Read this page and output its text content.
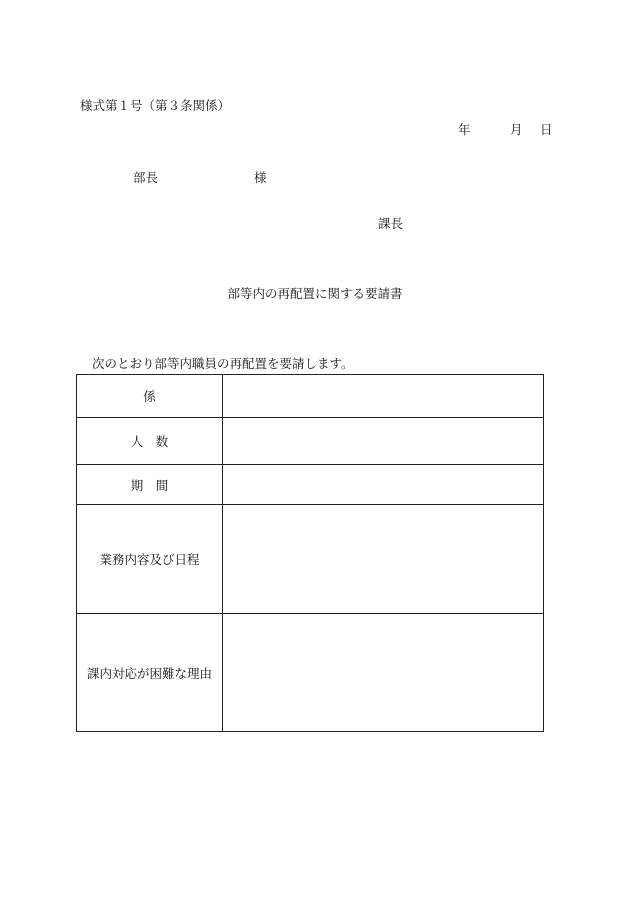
様式第１号（第３条関係）
年	月 日
部長	様
課長
部等内の再配置に関する要請書
次のとおり部等内職員の再配置を要請します。
係	
人　数	
期　間	
業務内容及び日程	
課内対応が困難な理由	
